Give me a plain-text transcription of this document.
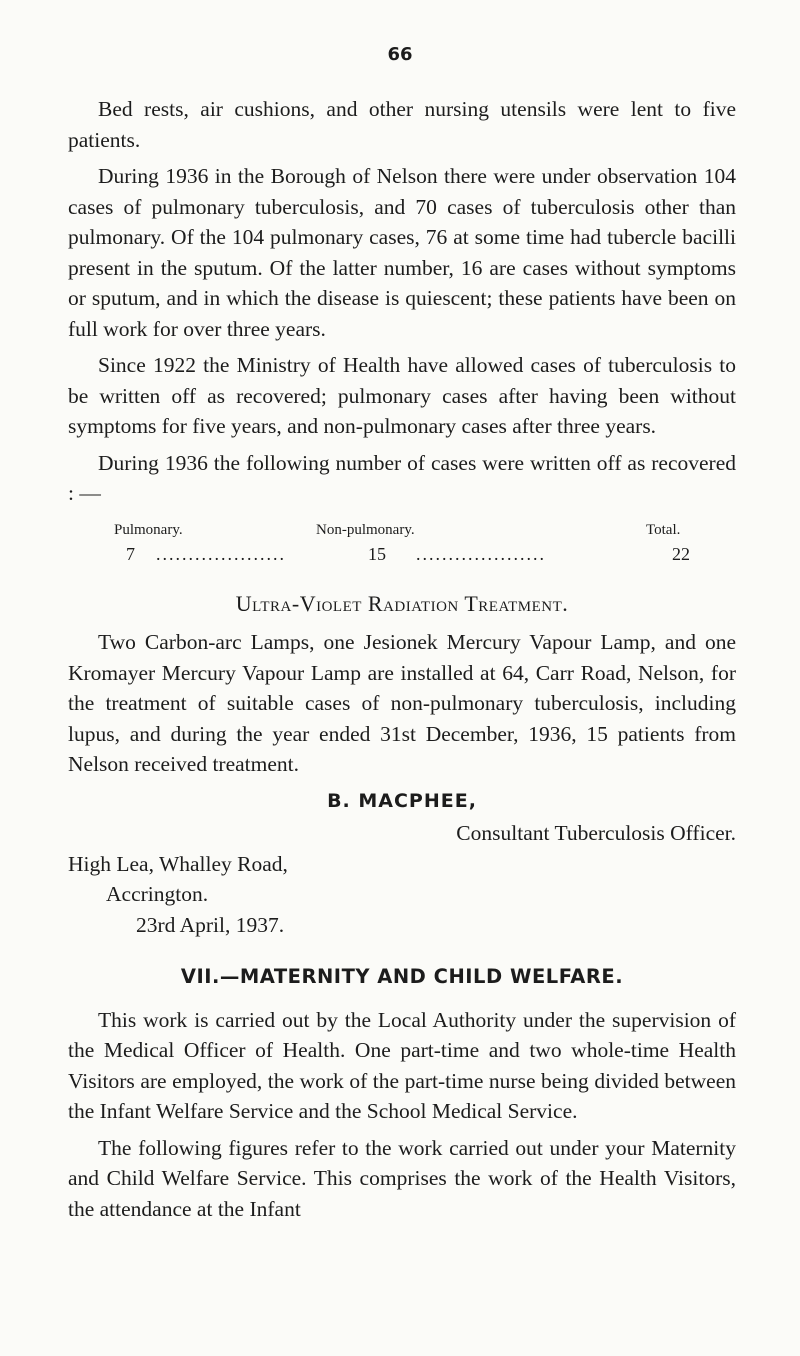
66

Bed rests, air cushions, and other nursing utensils were lent to five patients.

During 1936 in the Borough of Nelson there were under observation 104 cases of pulmonary tuberculosis, and 70 cases of tuberculosis other than pulmonary. Of the 104 pulmonary cases, 76 at some time had tubercle bacilli present in the sputum. Of the latter number, 16 are cases without symptoms or sputum, and in which the disease is quiescent; these patients have been on full work for over three years.

Since 1922 the Ministry of Health have allowed cases of tuberculosis to be written off as recovered; pulmonary cases after having been without symptoms for five years, and non-pulmonary cases after three years.

During 1936 the following number of cases were written off as recovered : —

Pulmonary.	Non-pulmonary.	Total.
7 ....................	15 ....................	22
Ultra-Violet Radiation Treatment.

Two Carbon-arc Lamps, one Jesionek Mercury Vapour Lamp, and one Kromayer Mercury Vapour Lamp are installed at 64, Carr Road, Nelson, for the treatment of suitable cases of non-pulmonary tuberculosis, including lupus, and during the year ended 31st December, 1936, 15 patients from Nelson received treatment.

B. MACPHEE,
Consultant Tuberculosis Officer.
High Lea, Whalley Road,
Accrington.
23rd April, 1937.
VII.—MATERNITY AND CHILD WELFARE.

This work is carried out by the Local Authority under the supervision of the Medical Officer of Health. One part-time and two whole-time Health Visitors are employed, the work of the part-time nurse being divided between the Infant Welfare Service and the School Medical Service.

The following figures refer to the work carried out under your Maternity and Child Welfare Service. This comprises the work of the Health Visitors, the attendance at the Infant
